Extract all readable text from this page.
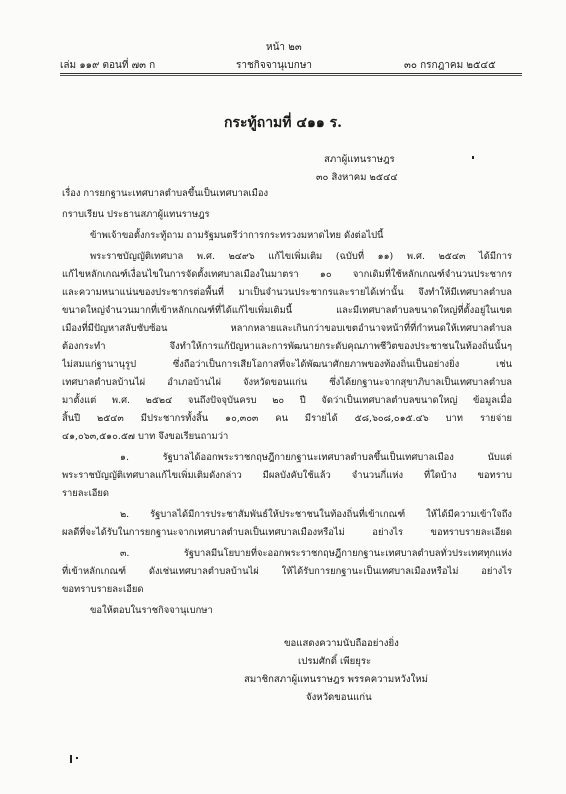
หน้า ๒๓
เล่ม ๑๑๙ ตอนที่ ๗๓ ก	ราชกิจจานุเบกษา	๓๐ กรกฎาคม ๒๕๔๕
กระทู้ถามที่ ๔๑๑ ร.
สภาผู้แทนราษฎร
๓๐ สิงหาคม ๒๕๔๔
เรื่อง การยกฐานะเทศบาลตำบลขึ้นเป็นเทศบาลเมือง
กราบเรียน ประธานสภาผู้แทนราษฎร
ข้าพเจ้าขอตั้งกระทู้ถาม ถามรัฐมนตรีว่าการกระทรวงมหาดไทย ดังต่อไปนี้
พระราชบัญญัติเทศบาล พ.ศ. ๒๔๙๖ แก้ไขเพิ่มเติม (ฉบับที่ ๑๑) พ.ศ. ๒๕๔๓ ได้มีการ
แก้ไขหลักเกณฑ์เงื่อนไขในการจัดตั้งเทศบาลเมืองในมาตรา ๑๐ จากเดิมที่ใช้หลักเกณฑ์จำนวนประชากร
และความหนาแน่นของประชากรต่อพื้นที่ มาเป็นจำนวนประชากรและรายได้เท่านั้น จึงทำให้มีเทศบาลตำบล
ขนาดใหญ่จำนวนมากที่เข้าหลักเกณฑ์ที่ได้แก้ไขเพิ่มเติมนี้ และมีเทศบาลตำบลขนาดใหญ่ที่ตั้งอยู่ในเขต
เมืองที่มีปัญหาสลับซับซ้อน หลากหลายและเกินกว่าขอบเขตอำนาจหน้าที่ที่กำหนดให้เทศบาลตำบล
ต้องกระทำ จึงทำให้การแก้ปัญหาและการพัฒนายกระดับคุณภาพชีวิตของประชาชนในท้องถิ่นนั้นๆ
ไม่สมแก่ฐานานุรูป ซึ่งถือว่าเป็นการเสียโอกาสที่จะได้พัฒนาศักยภาพของท้องถิ่นเป็นอย่างยิ่ง เช่น
เทศบาลตำบลบ้านไผ่ อำเภอบ้านไผ่ จังหวัดขอนแก่น ซึ่งได้ยกฐานะจากสุขาภิบาลเป็นเทศบาลตำบล
มาตั้งแต่ พ.ศ. ๒๕๒๔ จนถึงปัจจุบันครบ ๒๐ ปี จัดว่าเป็นเทศบาลตำบลขนาดใหญ่ ข้อมูลเมื่อ
สิ้นปี ๒๕๔๓ มีประชากรทั้งสิ้น ๑๐,๓๐๓ คน มีรายได้ ๕๘,๖๐๘,๐๑๕.๔๖ บาท รายจ่าย
๔๑,๐๖๓,๕๑๐.๕๗ บาท จึงขอเรียนถามว่า
๑. รัฐบาลได้ออกพระราชกฤษฎีกายกฐานะเทศบาลตำบลขึ้นเป็นเทศบาลเมือง นับแต่
พระราชบัญญัติเทศบาลแก้ไขเพิ่มเติมดังกล่าว มีผลบังคับใช้แล้ว จำนวนกี่แห่ง ที่ใดบ้าง ขอทราบ
รายละเอียด
๒. รัฐบาลได้มีการประชาสัมพันธ์ให้ประชาชนในท้องถิ่นที่เข้าเกณฑ์ ให้ได้มีความเข้าใจถึง
ผลดีที่จะได้รับในการยกฐานะจากเทศบาลตำบลเป็นเทศบาลเมืองหรือไม่ อย่างไร ขอทราบรายละเอียด
๓. รัฐบาลมีนโยบายที่จะออกพระราชกฤษฎีกายกฐานะเทศบาลตำบลทั่วประเทศทุกแห่ง
ที่เข้าหลักเกณฑ์ ดังเช่นเทศบาลตำบลบ้านไผ่ ให้ได้รับการยกฐานะเป็นเทศบาลเมืองหรือไม่ อย่างไร
ขอทราบรายละเอียด
ขอให้ตอบในราชกิจจานุเบกษา
ขอแสดงความนับถืออย่างยิ่ง
เปรมศักดิ์ เพียยุระ
สมาชิกสภาผู้แทนราษฎร พรรคความหวังใหม่
จังหวัดขอนแก่น
